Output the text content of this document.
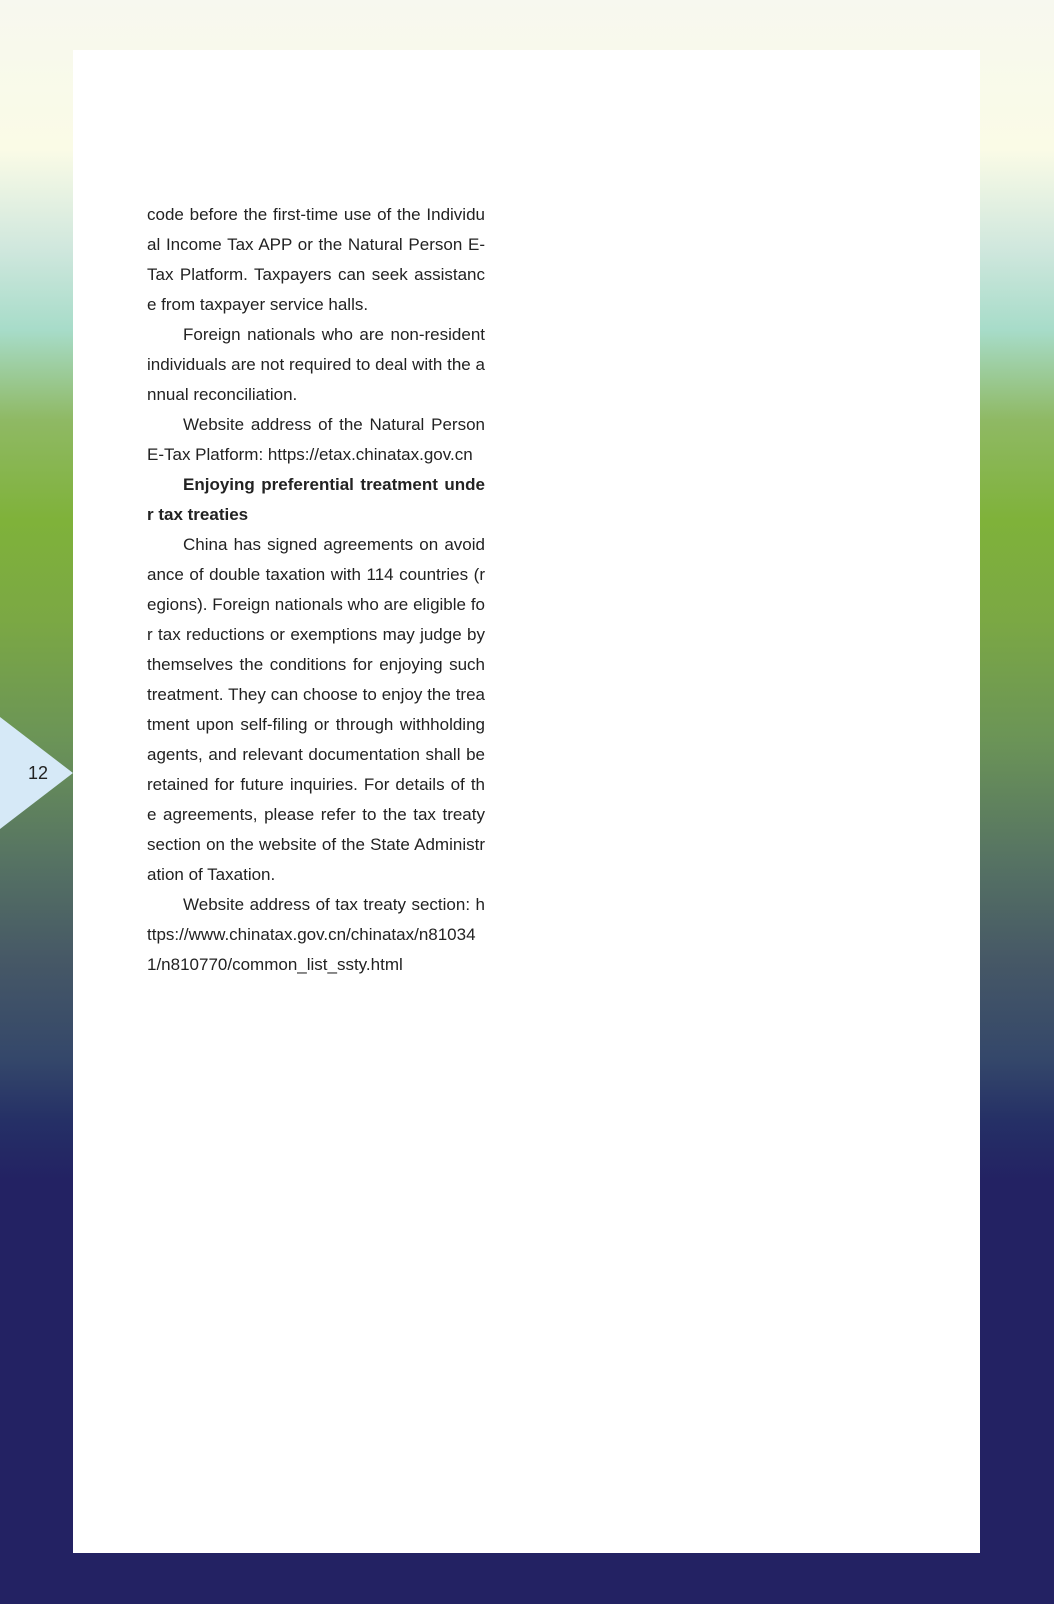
12

code before the first-time use of the Individual Income Tax APP or the Natural Person E-Tax Platform. Taxpayers can seek assistance from taxpayer service halls.

Foreign nationals who are non-resident individuals are not required to deal with the annual reconciliation.

Website address of the Natural Person E-Tax Platform: https://etax.chinatax.gov.cn

Enjoying preferential treatment under tax treaties

China has signed agreements on avoidance of double taxation with 114 countries (regions). Foreign nationals who are eligible for tax reductions or exemptions may judge by themselves the conditions for enjoying such treatment. They can choose to enjoy the treatment upon self-filing or through withholding agents, and relevant documentation shall be retained for future inquiries. For details of the agreements, please refer to the tax treaty section on the website of the State Administration of Taxation.

Website address of tax treaty section: https://www.chinatax.gov.cn/chinatax/n810341/n810770/common_list_ssty.html
